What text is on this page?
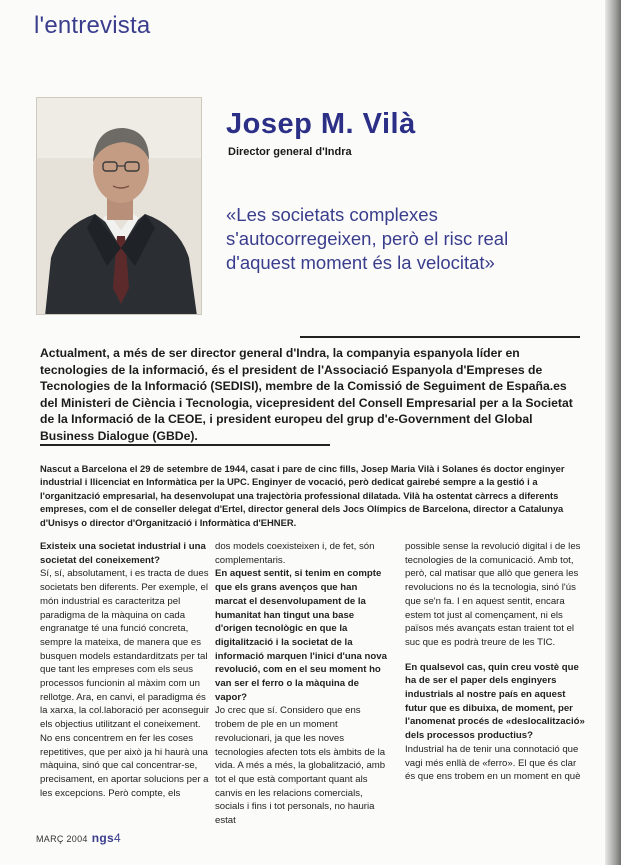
l'entrevista
Josep M. Vilà
Director general d'Indra
«Les societats complexes s'autocorregeixen, però el risc real d'aquest moment és la velocitat»
Actualment, a més de ser director general d'Indra, la companyia espanyola líder en tecnologies de la informació, és el president de l'Associació Espanyola d'Empreses de Tecnologies de la Informació (SEDISI), membre de la Comissió de Seguiment de España.es del Ministeri de Ciència i Tecnologia, vicepresident del Consell Empresarial per a la Societat de la Informació de la CEOE, i president europeu del grup d'e-Government del Global Business Dialogue (GBDe).
Nascut a Barcelona el 29 de setembre de 1944, casat i pare de cinc fills, Josep Maria Vilà i Solanes és doctor enginyer industrial i llicenciat en Informàtica per la UPC. Enginyer de vocació, però dedicat gairebé sempre a la gestió i a l'organització empresarial, ha desenvolupat una trajectòria professional dilatada. Vilà ha ostentat càrrecs a diferents empreses, com el de conseller delegat d'Ertel, director general dels Jocs Olímpics de Barcelona, director a Catalunya d'Unisys o director d'Organització i Informàtica d'EHNER.

Existeix una societat industrial i una societat del coneixement?

Sí, sí, absolutament, i es tracta de dues societats ben diferents. Per exemple, el món industrial es caracteritza pel paradigma de la màquina on cada engranatge té una funció concreta, sempre la mateixa, de manera que es busquen models estandarditzats per tal que tant les empreses com els seus processos funcionin al màxim com un rellotge. Ara, en canvi, el paradigma és la xarxa, la col.laboració per aconseguir els objectius utilitzant el coneixement. No ens concentrem en fer les coses repetitives, que per això ja hi haurà una màquina, sinó que cal concentrar-se, precisament, en aportar solucions per a les excepcions. Però compte, els

dos models coexisteixen i, de fet, són complementaris.

En aquest sentit, si tenim en compte que els grans avenços que han marcat el desenvolupament de la humanitat han tingut una base d'origen tecnològic en que la digitalització i la societat de la informació marquen l'inici d'una nova revolució, com en el seu moment ho van ser el ferro o la màquina de vapor?

Jo crec que sí. Considero que ens trobem de ple en un moment revolucionari, ja que les noves tecnologies afecten tots els àmbits de la vida. A més a més, la globalització, amb tot el que està comportant quant als canvis en les relacions comercials, socials i fins i tot personals, no hauria estat

possible sense la revolució digital i de les tecnologies de la comunicació. Amb tot, però, cal matisar que allò que genera les revolucions no és la tecnologia, sinó l'ús que se'n fa. I en aquest sentit, encara estem tot just al començament, ni els països més avançats estan traient tot el suc que es podrà treure de les TIC.

En qualsevol cas, quin creu vostè que ha de ser el paper dels enginyers industrials al nostre país en aquest futur que es dibuixa, de moment, per l'anomenat procés de «deslocalització» dels processos productius?

Industrial ha de tenir una connotació que vagi més enllà de «ferro». El que és clar és que ens trobem en un moment en què

MARÇ 2004 ngs4
